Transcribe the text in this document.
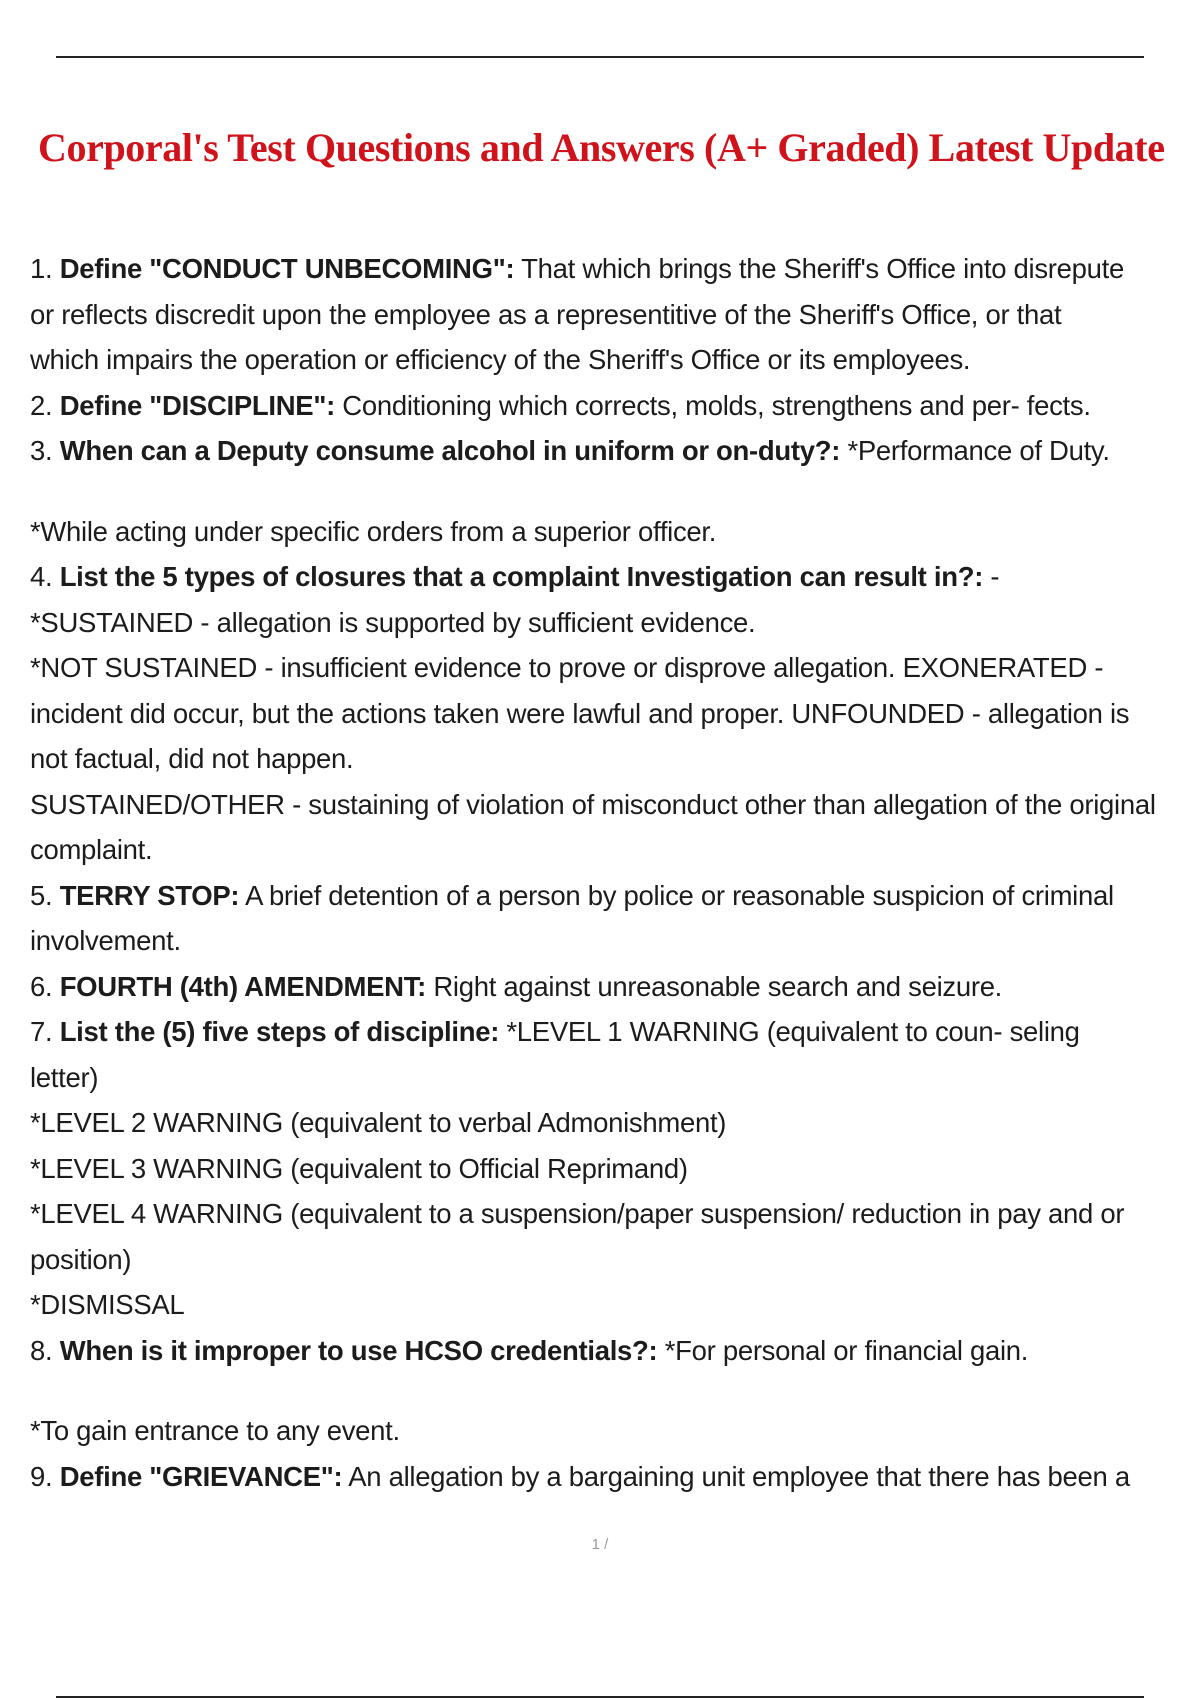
Corporal's Test Questions and Answers (A+ Graded) Latest Update
1. Define "CONDUCT UNBECOMING": That which brings the Sheriff's Office into disrepute
or reflects discredit upon the employee as a representitive of the Sheriff's Office, or that
which impairs the operation or efficiency of the Sheriff's Office or its employees.
2. Define "DISCIPLINE": Conditioning which corrects, molds, strengthens and per- fects.
3. When can a Deputy consume alcohol in uniform or on-duty?: *Performance of Duty.
*While acting under specific orders from a superior officer.
4. List the 5 types of closures that a complaint Investigation can result in?: -
*SUSTAINED - allegation is supported by sufficient evidence.
*NOT SUSTAINED - insufficient evidence to prove or disprove allegation. EXONERATED -
incident did occur, but the actions taken were lawful and proper. UNFOUNDED - allegation is
not factual, did not happen.
SUSTAINED/OTHER - sustaining of violation of misconduct other than allegation of the original
complaint.
5. TERRY STOP: A brief detention of a person by police or reasonable suspicion of criminal
involvement.
6. FOURTH (4th) AMENDMENT: Right against unreasonable search and seizure.
7. List the (5) five steps of discipline: *LEVEL 1 WARNING (equivalent to coun- seling
letter)
*LEVEL 2 WARNING (equivalent to verbal Admonishment)
*LEVEL 3 WARNING (equivalent to Official Reprimand)
*LEVEL 4 WARNING (equivalent to a suspension/paper suspension/ reduction in pay and or
position)
*DISMISSAL
8. When is it improper to use HCSO credentials?: *For personal or financial gain.
*To gain entrance to any event.
9. Define "GRIEVANCE": An allegation by a bargaining unit employee that there has been a
1 /
